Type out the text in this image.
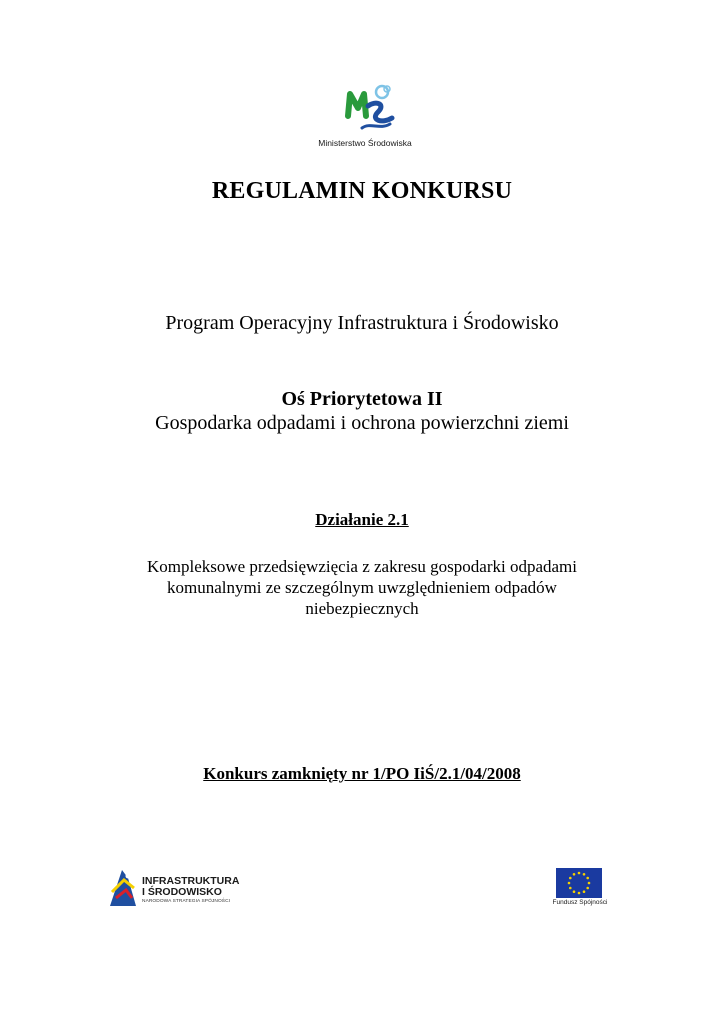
Ministerstwo Środowiska
REGULAMIN KONKURSU
Program Operacyjny Infrastruktura i Środowisko
Oś Priorytetowa II
Gospodarka odpadami i ochrona powierzchni ziemi
Działanie 2.1
Kompleksowe przedsięwzięcia z zakresu gospodarki odpadami
komunalnymi ze szczególnym uwzględnieniem odpadów
niebezpiecznych
Konkurs zamknięty nr 1/PO IiŚ/2.1/04/2008
INFRASTRUKTURA
I ŚRODOWISKO
NARODOWA STRATEGIA SPÓJNOŚCI	Fundusz Spójności
